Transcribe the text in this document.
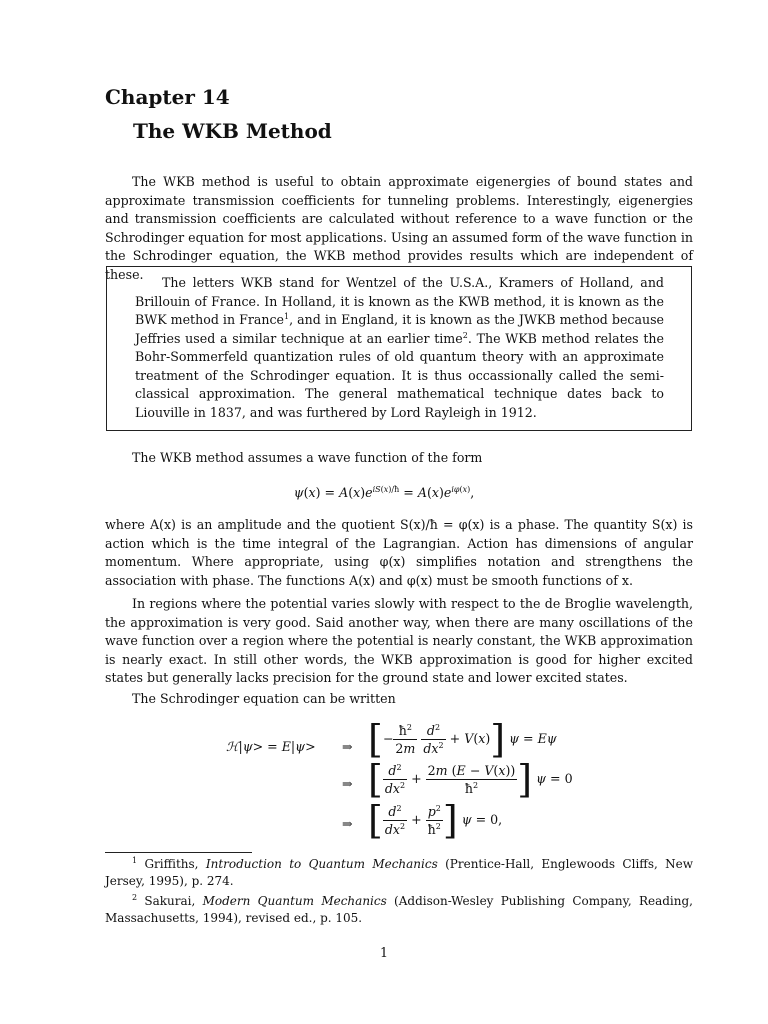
Chapter 14
The WKB Method

The WKB method is useful to obtain approximate eigenergies of bound states and approximate transmission coefficients for tunneling problems. Interestingly, eigenergies and transmission coefficients are calculated without reference to a wave function or the Schrodinger equation for most applications. Using an assumed form of the wave function in the Schrodinger equation, the WKB method provides results which are independent of these.

The letters WKB stand for Wentzel of the U.S.A., Kramers of Holland, and Brillouin of France. In Holland, it is known as the KWB method, it is known as the BWK method in France$^1$, and in England, it is known as the JWKB method because Jeffries used a similar technique at an earlier time$^2$. The WKB method relates the Bohr-Sommerfeld quantization rules of old quantum theory with an approximate treatment of the Schrodinger equation. It is thus occassionally called the semi-classical approximation. The general mathematical technique dates back to Liouville in 1837, and was furthered by Lord Rayleigh in 1912.

The WKB method assumes a wave function of the form

$\psi(x) = A(x)e^{iS(x)/ħ} = A(x)e^{i\varphi(x)}$,

where A(x) is an amplitude and the quotient S(x)/ħ = φ(x) is a phase. The quantity S(x) is action which is the time integral of the Lagrangian. Action has dimensions of angular momentum. Where appropriate, using φ(x) simplifies notation and strengthens the association with phase. The functions A(x) and φ(x) must be smooth functions of x.

In regions where the potential varies slowly with respect to the de Broglie wavelength, the approximation is very good. Said another way, when there are many oscillations of the wave function over a region where the potential is nearly constant, the WKB approximation is nearly exact. In still other words, the WKB approximation is good for higher excited states but generally lacks precision for the ground state and lower excited states.

The Schrodinger equation can be written

ℋ|ψ> = E|ψ> ⇒
⇒
⇒
[− $\frac{ħ^2}{2m}$
$\frac{d^2}{dx^2} + V(x)$] ψ = Eψ
[ $\frac{d^2}{dx^2} + \frac{2m (E - V(x))}{ħ^2}$ ] ψ = 0
[ $\frac{d^2}{dx^2} + \frac{p^2}{ħ^2}$ ] ψ = 0,

$^1$ Griffiths, Introduction to Quantum Mechanics (Prentice-Hall, Englewoods Cliffs, New Jersey, 1995), p. 274.

$^2$ Sakurai, Modern Quantum Mechanics (Addison-Wesley Publishing Company, Reading, Massachusetts, 1994), revised ed., p. 105.

1
